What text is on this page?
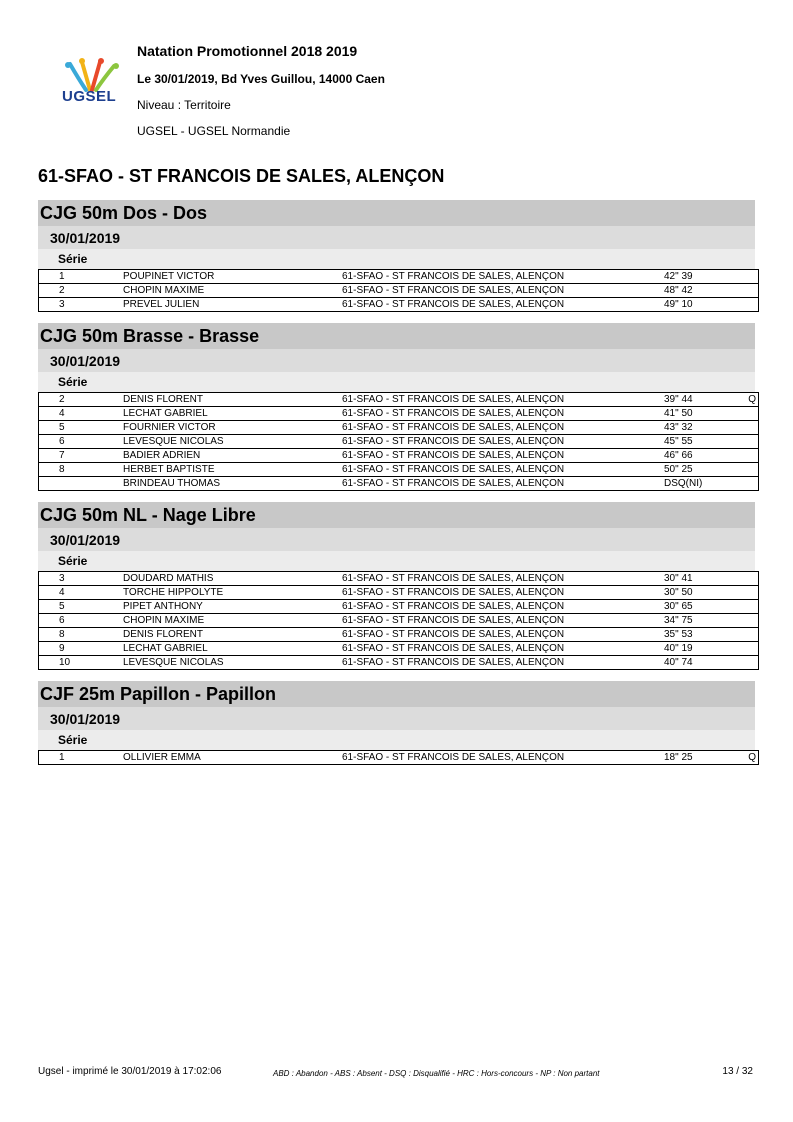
UGSEL
Natation Promotionnel 2018 2019
Le 30/01/2019, Bd Yves Guillou, 14000 Caen
Niveau : Territoire
UGSEL - UGSEL Normandie
61-SFAO - ST FRANCOIS DE SALES, ALENÇON
CJG 50m Dos - Dos
30/01/2019
Série
1	POUPINET VICTOR	61-SFAO - ST FRANCOIS DE SALES, ALENÇON	42" 39	
2	CHOPIN MAXIME	61-SFAO - ST FRANCOIS DE SALES, ALENÇON	48" 42	
3	PREVEL JULIEN	61-SFAO - ST FRANCOIS DE SALES, ALENÇON	49" 10	
CJG 50m Brasse - Brasse
30/01/2019
Série
2	DENIS FLORENT	61-SFAO - ST FRANCOIS DE SALES, ALENÇON	39" 44	Q
4	LECHAT GABRIEL	61-SFAO - ST FRANCOIS DE SALES, ALENÇON	41" 50	
5	FOURNIER VICTOR	61-SFAO - ST FRANCOIS DE SALES, ALENÇON	43" 32	
6	LEVESQUE NICOLAS	61-SFAO - ST FRANCOIS DE SALES, ALENÇON	45" 55	
7	BADIER ADRIEN	61-SFAO - ST FRANCOIS DE SALES, ALENÇON	46" 66	
8	HERBET BAPTISTE	61-SFAO - ST FRANCOIS DE SALES, ALENÇON	50" 25	
	BRINDEAU THOMAS	61-SFAO - ST FRANCOIS DE SALES, ALENÇON	DSQ(NI)	
CJG 50m NL - Nage Libre
30/01/2019
Série
3	DOUDARD MATHIS	61-SFAO - ST FRANCOIS DE SALES, ALENÇON	30" 41	
4	TORCHE HIPPOLYTE	61-SFAO - ST FRANCOIS DE SALES, ALENÇON	30" 50	
5	PIPET ANTHONY	61-SFAO - ST FRANCOIS DE SALES, ALENÇON	30" 65	
6	CHOPIN MAXIME	61-SFAO - ST FRANCOIS DE SALES, ALENÇON	34" 75	
8	DENIS FLORENT	61-SFAO - ST FRANCOIS DE SALES, ALENÇON	35" 53	
9	LECHAT GABRIEL	61-SFAO - ST FRANCOIS DE SALES, ALENÇON	40" 19	
10	LEVESQUE NICOLAS	61-SFAO - ST FRANCOIS DE SALES, ALENÇON	40" 74	
CJF 25m Papillon - Papillon
30/01/2019
Série
1	OLLIVIER EMMA	61-SFAO - ST FRANCOIS DE SALES, ALENÇON	18" 25	Q
Ugsel - imprimé le 30/01/2019 à 17:02:06	ABD : Abandon - ABS : Absent - DSQ : Disqualifié - HRC : Hors-concours - NP : Non partant	13 / 32
